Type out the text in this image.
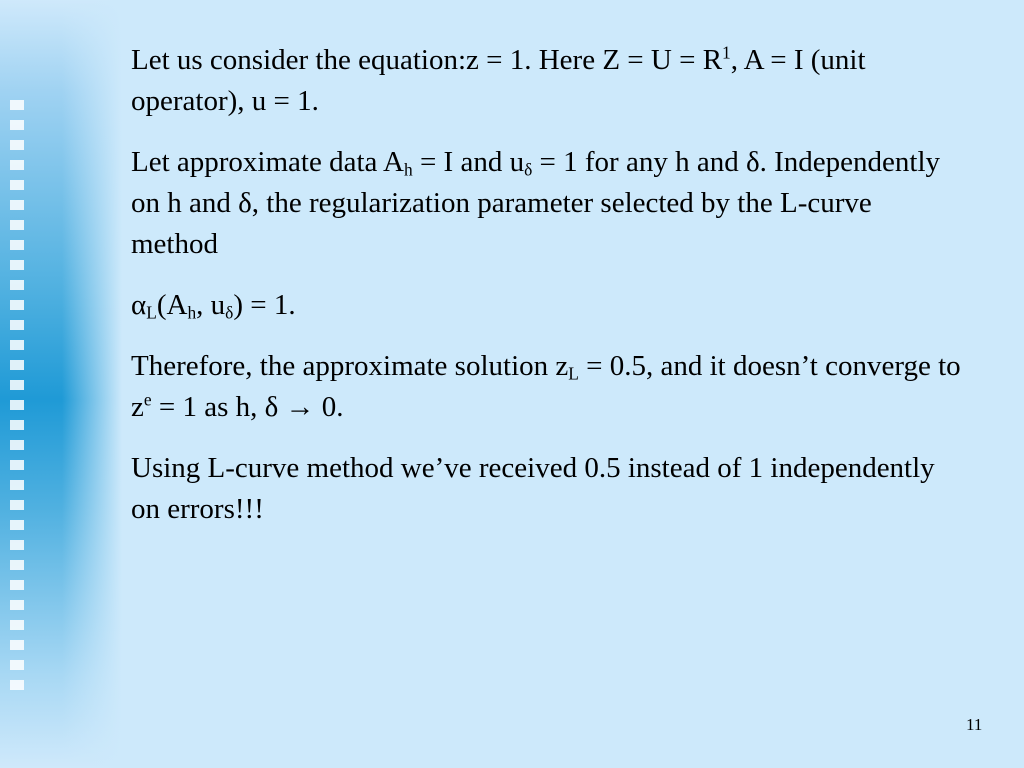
Let us consider the equation:z = 1. Here $Z = U = R^1$, A = I (unit operator), u = 1.

Let approximate data $A_h = I$ and $u_\delta = 1$ for any h and δ. Independently on h and δ, the regularization parameter selected by the L-curve method

$\alpha_L(A_h$, $u_\delta) = 1$.

Therefore, the approximate solution $z_L = 0.5$, and it doesn’t converge to $z^e = 1$ as h, δ → 0.

Using L-curve method we’ve received 0.5 instead of 1 independently on errors!!!

11
